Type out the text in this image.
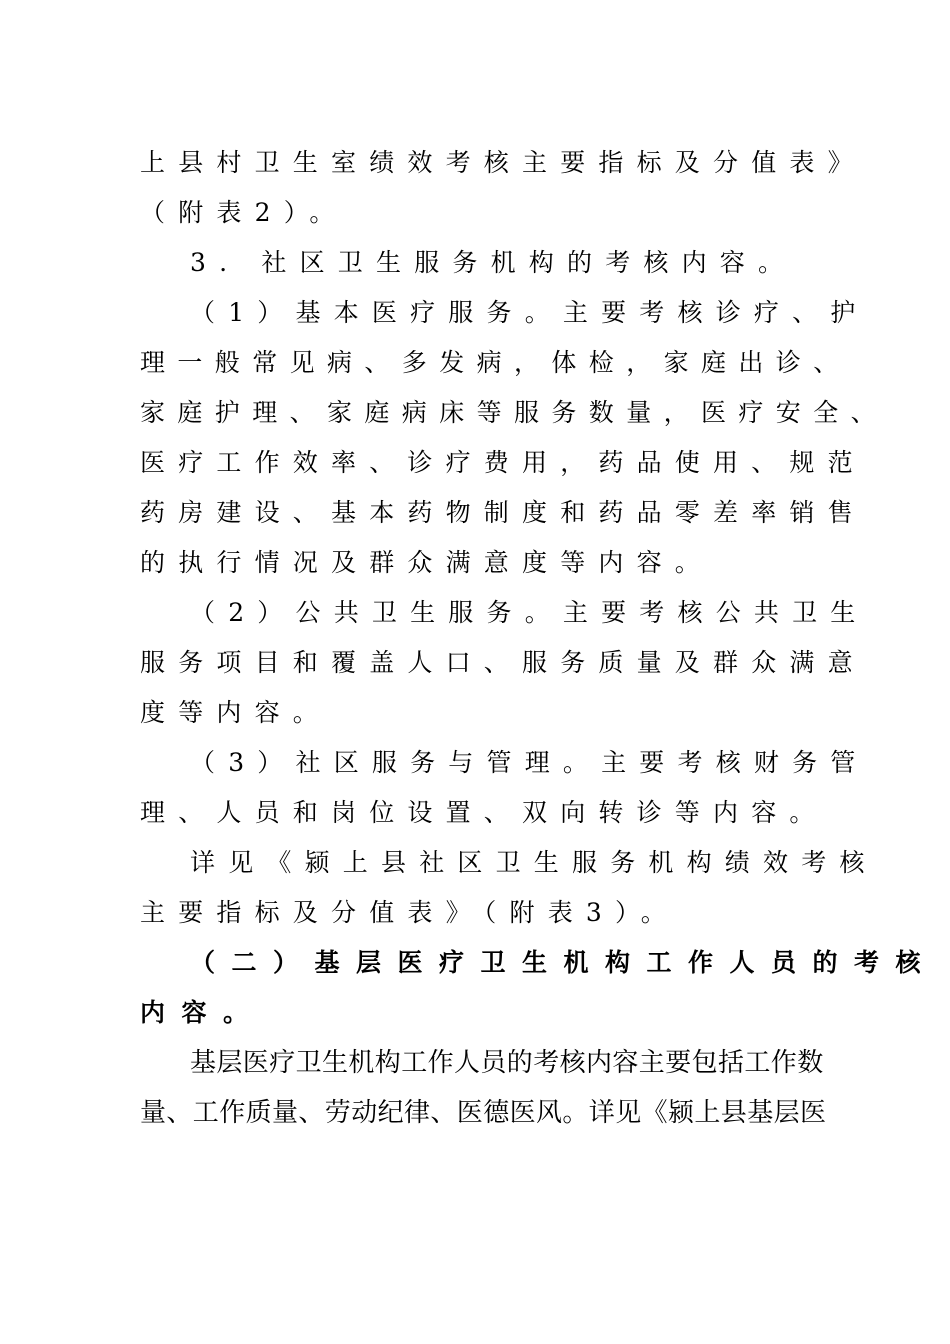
上县村卫生室绩效考核主要指标及分值表》
（附表2）。
3. 社区卫生服务机构的考核内容。
（1）基本医疗服务。主要考核诊疗、护
理一般常见病、多发病，体检，家庭出诊、
家庭护理、家庭病床等服务数量，医疗安全、
医疗工作效率、诊疗费用，药品使用、规范
药房建设、基本药物制度和药品零差率销售
的执行情况及群众满意度等内容。
（2）公共卫生服务。主要考核公共卫生
服务项目和覆盖人口、服务质量及群众满意
度等内容。
（3）社区服务与管理。主要考核财务管
理、人员和岗位设置、双向转诊等内容。
详见《颍上县社区卫生服务机构绩效考核
主要指标及分值表》（附表3）。
（二）基层医疗卫生机构工作人员的考核
内容。
基层医疗卫生机构工作人员的考核内容主要包括工作数
量、工作质量、劳动纪律、医德医风。详见《颍上县基层医
